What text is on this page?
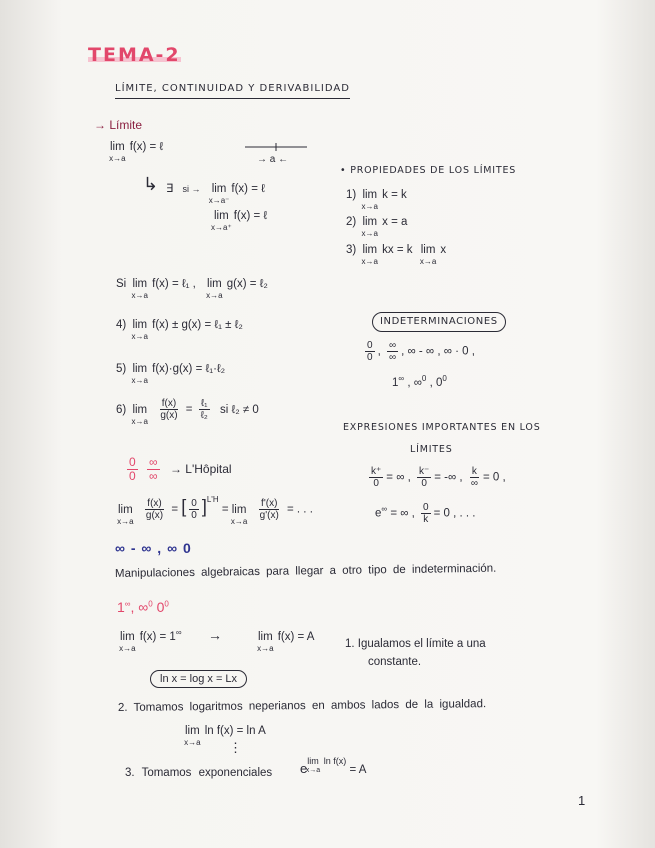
TEMA-2
LÍMITE, CONTINUIDAD Y DERIVABILIDAD
→ Límite
lim
x→a
f(x) = ℓ
→ a ←
↳ ∃ si → lim
x→a⁻
f(x) = ℓ
lim
x→a⁺
f(x) = ℓ
• PROPIEDADES DE LOS LÍMITES
1) lim
x→a
k = k
2) lim
x→a
x = a
3) lim
x→a
kx = k lim
x→a
x
Si lim
x→a
f(x) = ℓ₁ , lim
x→a
g(x) = ℓ₂
4) lim
x→a
f(x) ± g(x) = ℓ₁ ± ℓ₂
5) lim
x→a
f(x)·g(x) = ℓ₁·ℓ₂
6) lim
x→a

$\frac{f(x)}{g(x)} = \frac{\text{ℓ₁}}{\text{ℓ₂}}$ si ℓ₂ ≠ 0
INDETERMINACIONES
$\frac{0}{0}$ , $\frac{\infty}{\infty}$ , ∞ - ∞ , ∞ · 0 ,
1∞ , ∞$^0$ , $0^0$
EXPRESIONES IMPORTANTES EN LOS
LÍMITES
$\frac{k^+}{0}$ = ∞ , $\frac{k^-}{0}$ = -∞ , $\frac{k}{\infty} = 0$ ,
e∞ = ∞ , $\frac{0}{k} = 0$ , . . .
$\frac{0}{0}$
$\frac{\infty}{\infty}$ → L'Hôpital
lim
x→a

$\frac{f(x)}{g(x)}$ = [ $\frac{0}{0} ]^{L'H} = \lim$
x→a

$\frac{f'(x)}{g'(x)}$ = . . .
∞ - ∞ , ∞ 0
Manipulaciones algebraicas para llegar a otro tipo de indeterminación.
1∞, ∞$^0$ $0^0$
lim
x→a
f(x) = 1∞ →	lim
x→a
f(x) = A
1. Igualamos el límite a una
constante.
ln x = log x = Lx
2. Tomamos logaritmos neperianos en ambos lados de la igualdad.
lim
x→a
ln f(x) = ln A
⋮
3. Tomamos exponenciales elim
x→a
ln f(x) = A
1
